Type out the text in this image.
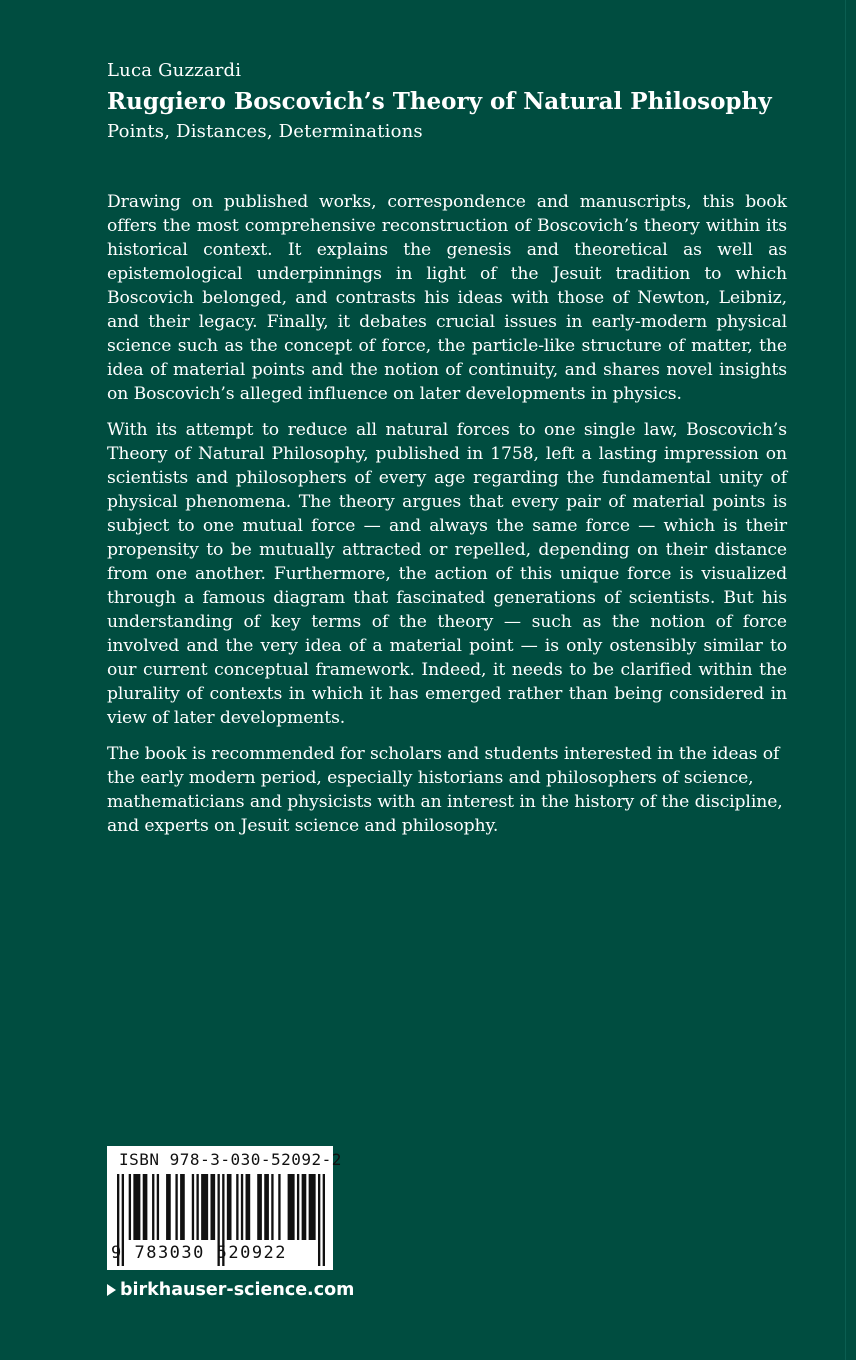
Luca Guzzardi
Ruggiero Boscovich’s Theory of Natural Philosophy
Points, Distances, Determinations

Drawing on published works, correspondence and manuscripts, this book offers the most comprehensive reconstruction of Boscovich’s theory within its historical context. It explains the genesis and theoretical as well as epistemological underpinnings in light of the Jesuit tradition to which Boscovich belonged, and contrasts his ideas with those of Newton, Leibniz, and their legacy. Finally, it debates crucial issues in early-modern physical science such as the concept of force, the particle-like structure of matter, the idea of material points and the notion of continuity, and shares novel insights on Boscovich’s alleged influence on later developments in physics.

With its attempt to reduce all natural forces to one single law, Boscovich’s Theory of Natural Philosophy, published in 1758, left a lasting impression on scientists and philosophers of every age regarding the fundamental unity of physical phenomena. The theory argues that every pair of material points is subject to one mutual force — and always the same force — which is their propensity to be mutually attracted or repelled, depending on their distance from one another. Furthermore, the action of this unique force is visualized through a famous diagram that fascinated generations of scientists. But his understanding of key terms of the theory — such as the notion of force involved and the very idea of a material point — is only ostensibly similar to our current conceptual framework. Indeed, it needs to be clarified within the plurality of contexts in which it has emerged rather than being considered in view of later developments.

The book is recommended for scholars and students interested in the ideas of the early modern period, especially historians and philosophers of science, mathematicians and physicists with an interest in the history of the discipline, and experts on Jesuit science and philosophy.

ISBN 978-3-030-52092-2
9 783030 520922
birkhauser-science.com
